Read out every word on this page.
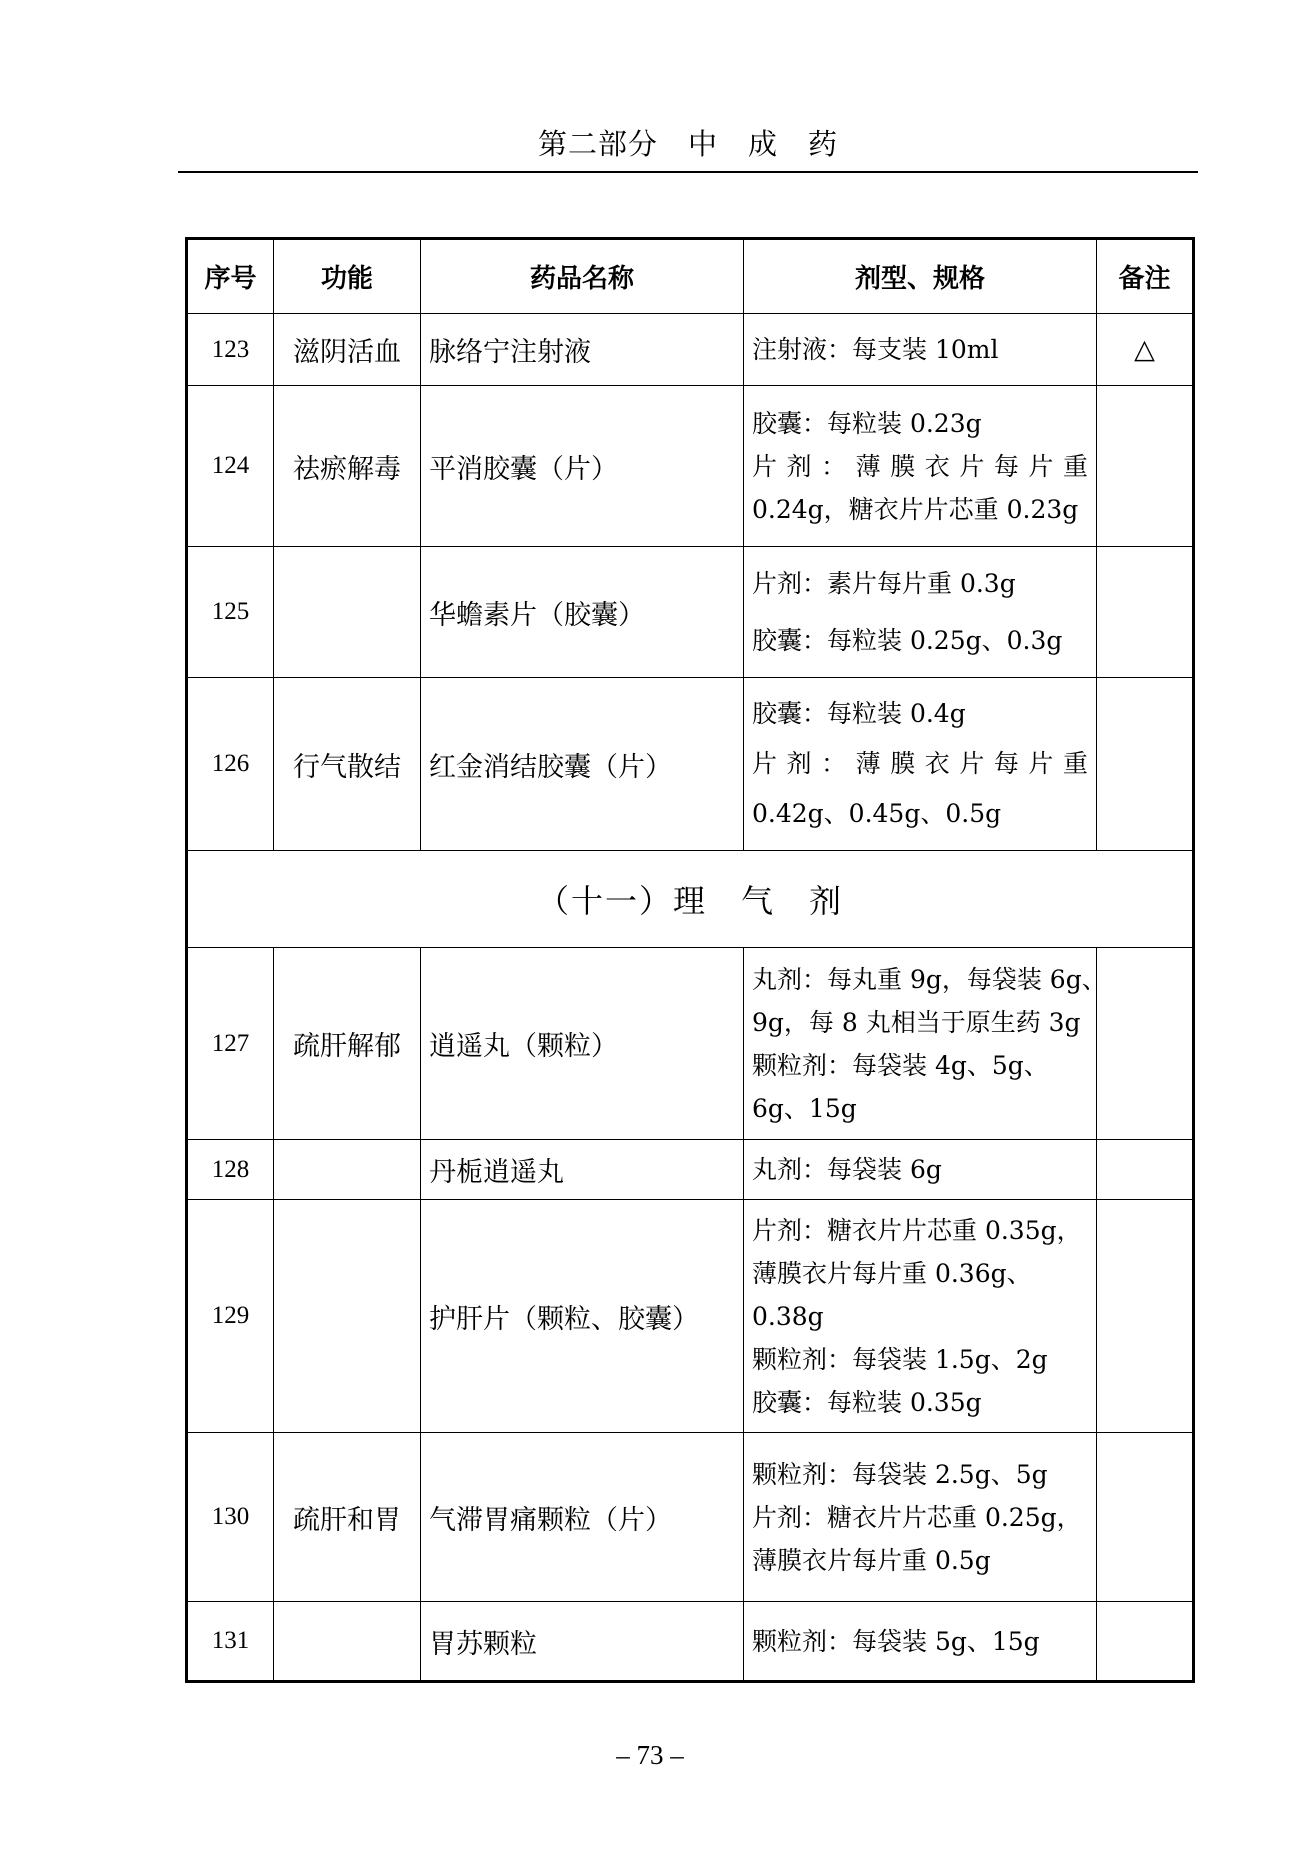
第二部分　中　成　药
序号	功能	药品名称	剂型、规格	备注
123	滋阴活血	脉络宁注射液	注射液：每支装 10ml	△
124	祛瘀解毒	平消胶囊（片）	胶囊：每粒装 0.23g
片剂：薄膜衣片每片重
0.24g，糖衣片片芯重 0.23g	

125		华蟾素片（胶囊）	片剂：素片每片重 0.3g
胶囊：每粒装 0.25g、0.3g	

126	行气散结	红金消结胶囊（片）	胶囊：每粒装 0.4g
片剂：薄膜衣片每片重
0.42g、0.45g、0.5g	

（十一）理　气　剂				
127	疏肝解郁	逍遥丸（颗粒）	丸剂：每丸重 9g，每袋装 6g、
9g，每 8 丸相当于原生药 3g
颗粒剂：每袋装 4g、5g、
6g、15g	

128		丹栀逍遥丸	丸剂：每袋装 6g	

129		护肝片（颗粒、胶囊）	片剂：糖衣片片芯重 0.35g，
薄膜衣片每片重 0.36g、
0.38g
颗粒剂：每袋装 1.5g、2g
胶囊：每粒装 0.35g	

130	疏肝和胃	气滞胃痛颗粒（片）	颗粒剂：每袋装 2.5g、5g
片剂：糖衣片片芯重 0.25g，
薄膜衣片每片重 0.5g	

131		胃苏颗粒	颗粒剂：每袋装 5g、15g	

– 73 –
